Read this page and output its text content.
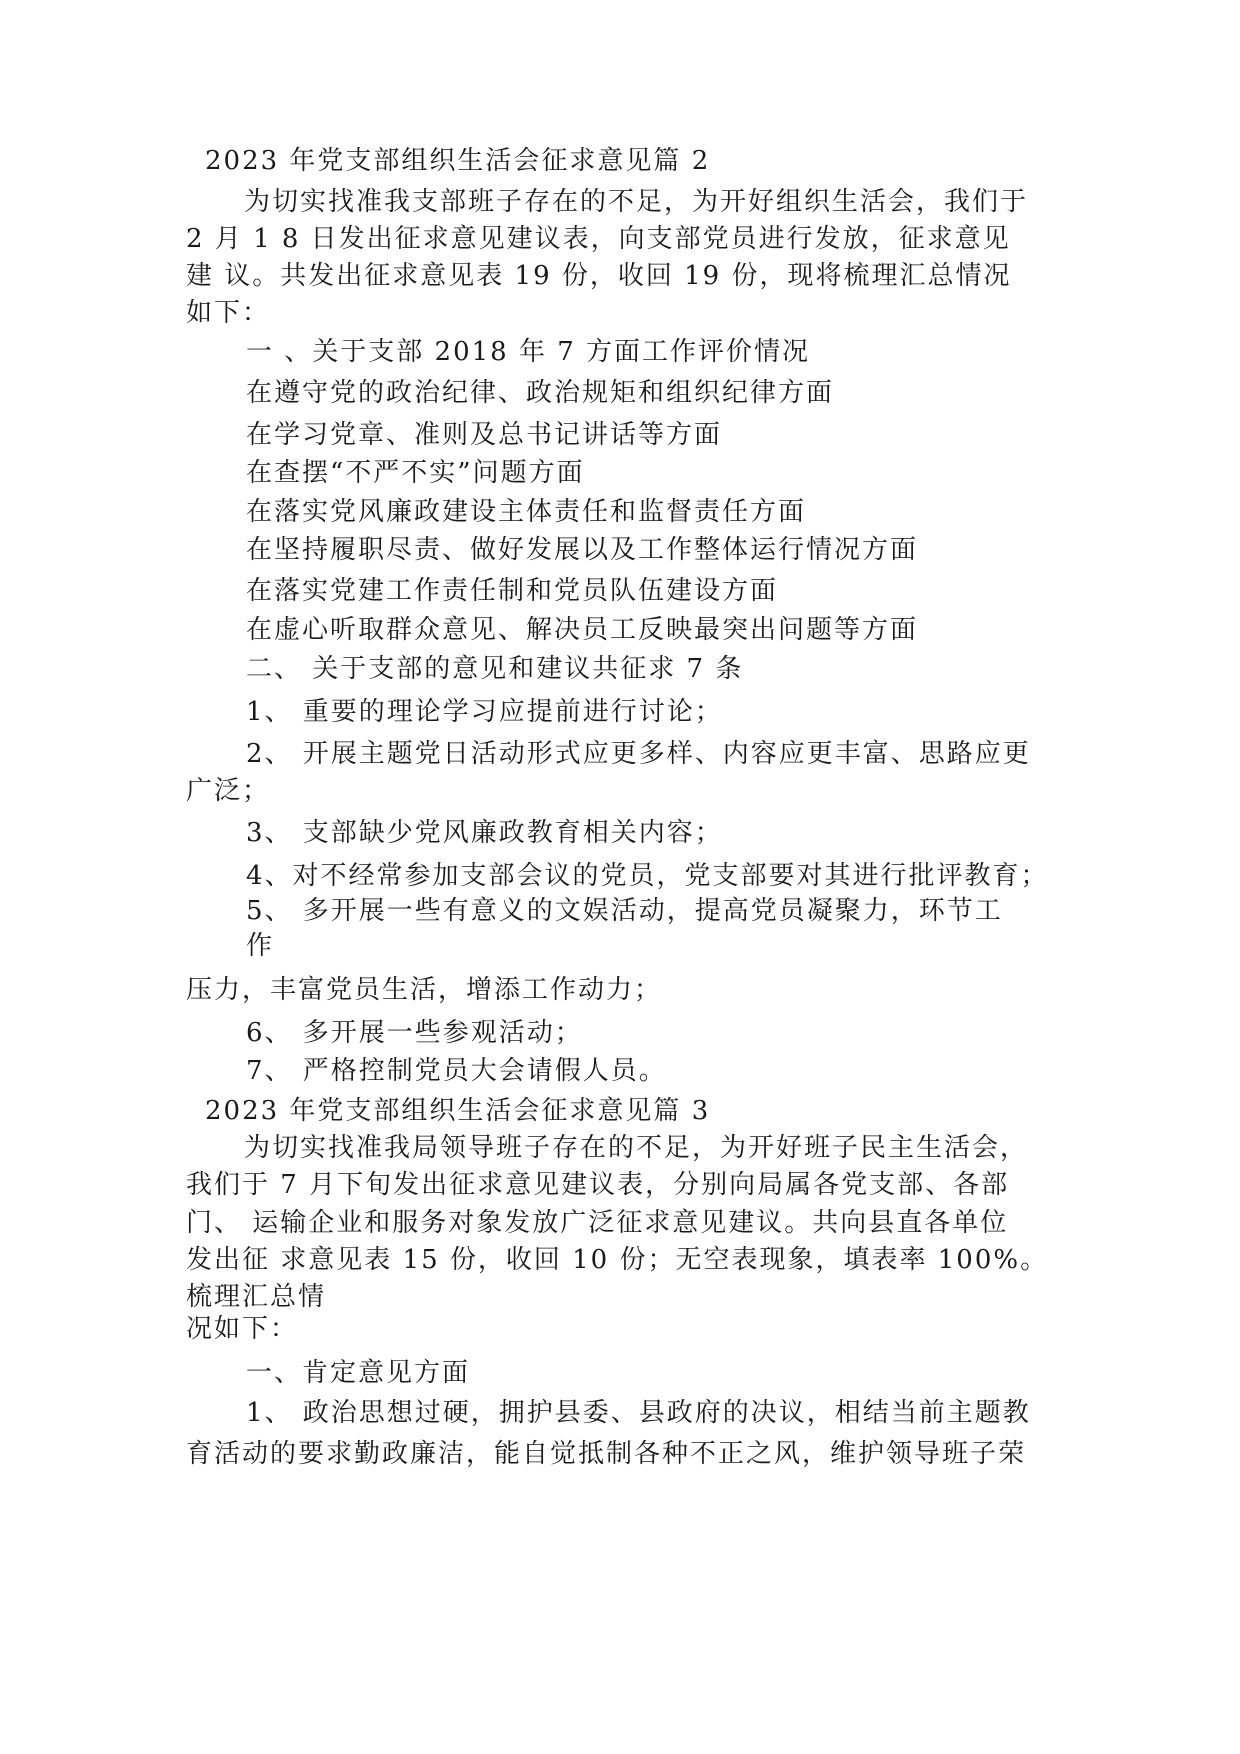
2023 年党支部组织生活会征求意见篇 2
为切实找准我支部班子存在的不足，为开好组织生活会，我们于
2 月 1 8 日发出征求意见建议表，向支部党员进行发放，征求意见
建 议。共发出征求意见表 19 份，收回 19 份，现将梳理汇总情况
如下：
一 、关于支部 2018 年 7 方面工作评价情况
在遵守党的政治纪律、政治规矩和组织纪律方面
在学习党章、准则及总书记讲话等方面
在查摆“不严不实”问题方面
在落实党风廉政建设主体责任和监督责任方面
在坚持履职尽责、做好发展以及工作整体运行情况方面
在落实党建工作责任制和党员队伍建设方面
在虚心听取群众意见、解决员工反映最突出问题等方面
二、 关于支部的意见和建议共征求 7 条
1、 重要的理论学习应提前进行讨论；
2、 开展主题党日活动形式应更多样、内容应更丰富、思路应更
广泛；
3、 支部缺少党风廉政教育相关内容；
4、对不经常参加支部会议的党员，党支部要对其进行批评教育；
5、 多开展一些有意义的文娱活动，提高党员凝聚力，环节工
作
压力，丰富党员生活，增添工作动力；
6、 多开展一些参观活动；
7、 严格控制党员大会请假人员。
2023 年党支部组织生活会征求意见篇 3
为切实找准我局领导班子存在的不足，为开好班子民主生活会，
我们于 7 月下旬发出征求意见建议表，分别向局属各党支部、各部
门、 运输企业和服务对象发放广泛征求意见建议。共向县直各单位
发出征 求意见表 15 份，收回 10 份；无空表现象，填表率 100%。
梳理汇总情
况如下：
一、肯定意见方面
1、 政治思想过硬，拥护县委、县政府的决议，相结当前主题教
育活动的要求勤政廉洁，能自觉抵制各种不正之风，维护领导班子荣
